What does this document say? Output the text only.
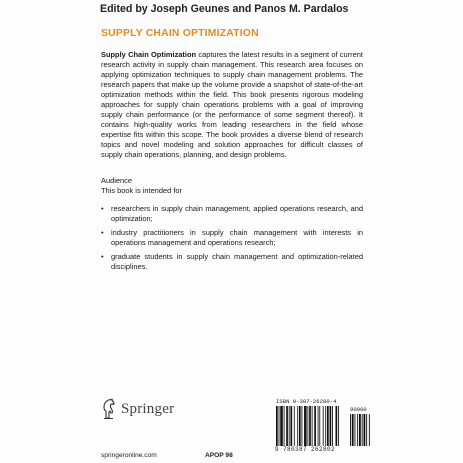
Edited by Joseph Geunes and Panos M. Pardalos
SUPPLY CHAIN OPTIMIZATION
Supply Chain Optimization captures the latest results in a segment of current research activity in supply chain management. This research area focuses on applying optimization techniques to supply chain management problems. The research papers that make up the volume provide a snapshot of state-of-the-art optimization methods within the field. This book presents rigorous modeling approaches for supply chain operations problems with a goal of improving supply chain performance (or the performance of some segment thereof). It contains high-quality works from leading researchers in the field whose expertise fits within this scope. The book provides a diverse blend of research topics and novel modeling and solution approaches for difficult classes of supply chain operations, planning, and design problems.
Audience
This book is intended for
• researchers in supply chain management, applied operations research, and optimization;
• industry practitioners in supply chain management with interests in operations management and operations research;
• graduate students in supply chain management and optimization-related disciplines.
Springer
springeronline.com	APOP 98
ISBN 0-387-26280-4
90000
9 780387 262802
